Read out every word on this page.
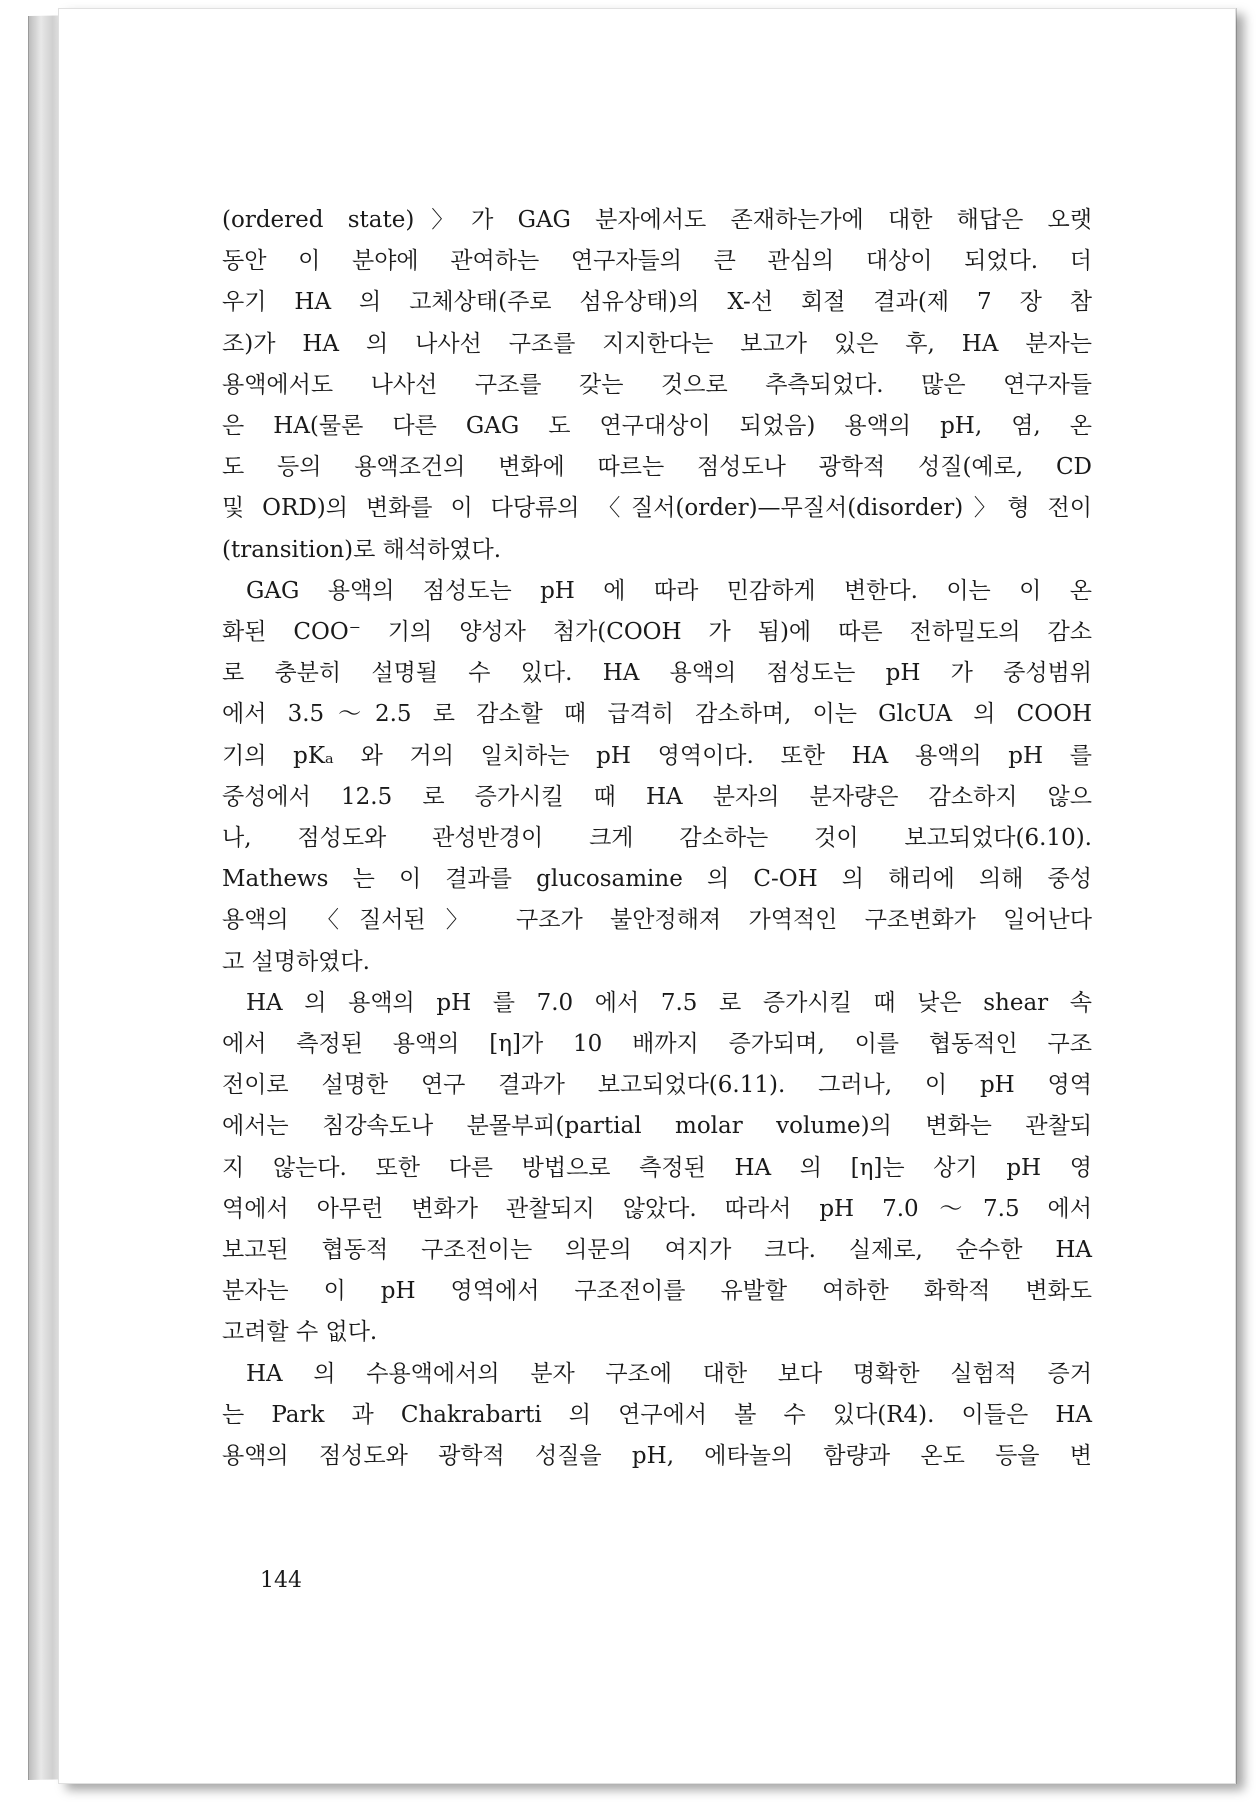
(ordered state)〉가 GAG 분자에서도 존재하는가에 대한 해답은 오랫
동안 이 분야에 관여하는 연구자들의 큰 관심의 대상이 되었다. 더
우기 HA 의 고체상태(주로 섬유상태)의 X-선 회절 결과(제 7 장 참
조)가 HA 의 나사선 구조를 지지한다는 보고가 있은 후, HA 분자는
용액에서도 나사선 구조를 갖는 것으로 추측되었다. 많은 연구자들
은 HA(물론 다른 GAG 도 연구대상이 되었음) 용액의 pH, 염, 온
도 등의 용액조건의 변화에 따르는 점성도나 광학적 성질(예로, CD
및 ORD)의 변화를 이 다당류의 〈질서(order)—무질서(disorder)〉형 전이
(transition)로 해석하였다.
GAG 용액의 점성도는 pH 에 따라 민감하게 변한다. 이는 이 온
화된 COO⁻ 기의 양성자 첨가(COOH 가 됨)에 따른 전하밀도의 감소
로 충분히 설명될 수 있다. HA 용액의 점성도는 pH 가 중성범위
에서 3.5～2.5 로 감소할 때 급격히 감소하며, 이는 GlcUA 의 COOH
기의 pKₐ 와 거의 일치하는 pH 영역이다. 또한 HA 용액의 pH 를
중성에서 12.5 로 증가시킬 때 HA 분자의 분자량은 감소하지 않으
나, 점성도와 관성반경이 크게 감소하는 것이 보고되었다(6.10).
Mathews 는 이 결과를 glucosamine 의 C-OH 의 해리에 의해 중성
용액의 〈질서된〉 구조가 불안정해져 가역적인 구조변화가 일어난다
고 설명하였다.
HA 의 용액의 pH 를 7.0 에서 7.5 로 증가시킬 때 낮은 shear 속
에서 측정된 용액의 [η]가 10 배까지 증가되며, 이를 협동적인 구조
전이로 설명한 연구 결과가 보고되었다(6.11). 그러나, 이 pH 영역
에서는 침강속도나 분몰부피(partial molar volume)의 변화는 관찰되
지 않는다. 또한 다른 방법으로 측정된 HA 의 [η]는 상기 pH 영
역에서 아무런 변화가 관찰되지 않았다. 따라서 pH 7.0～7.5 에서
보고된 협동적 구조전이는 의문의 여지가 크다. 실제로, 순수한 HA
분자는 이 pH 영역에서 구조전이를 유발할 여하한 화학적 변화도
고려할 수 없다.
HA 의 수용액에서의 분자 구조에 대한 보다 명확한 실험적 증거
는 Park 과 Chakrabarti 의 연구에서 볼 수 있다(R4). 이들은 HA
용액의 점성도와 광학적 성질을 pH, 에타놀의 함량과 온도 등을 변
144
